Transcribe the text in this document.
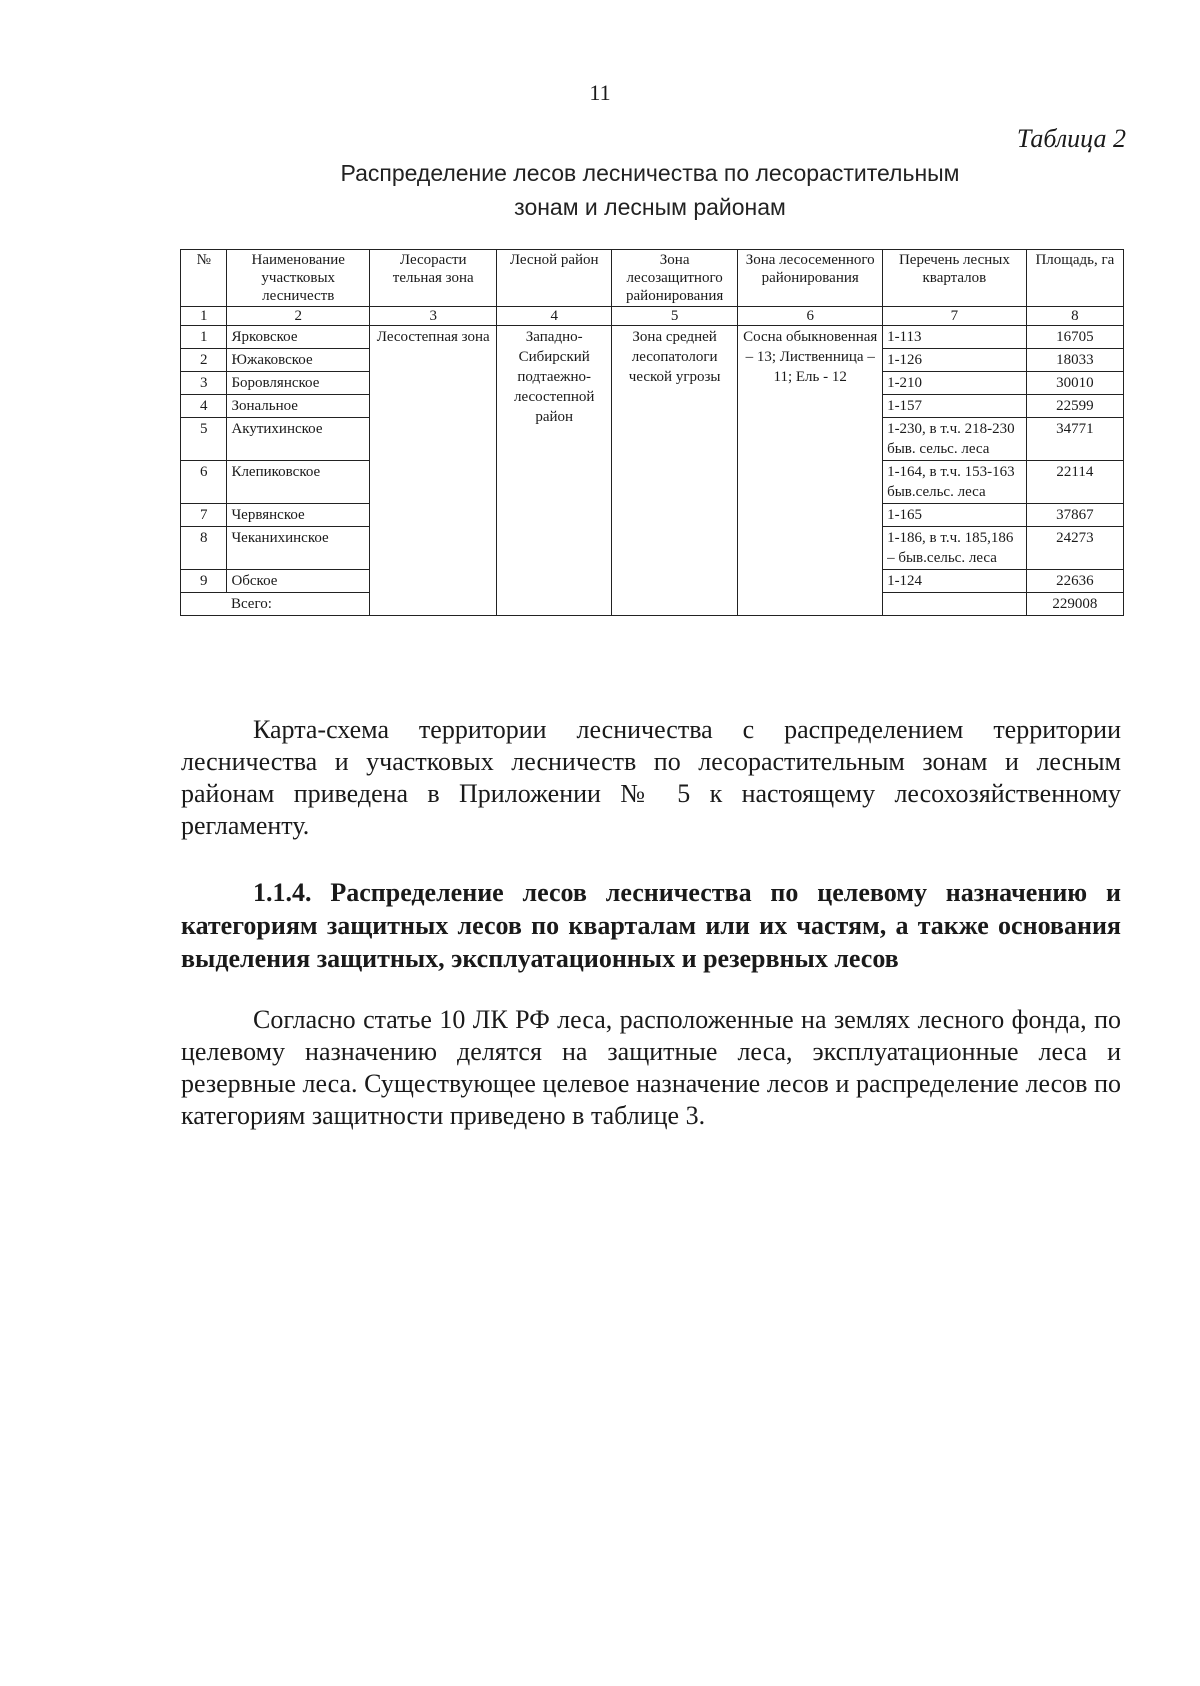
11
Таблица 2
Распределение лесов лесничества по лесорастительным
зонам и лесным районам
№	Наименование участковых лесничеств	Лесорасти тельная зона	Лесной район	Зона лесозащитного районирования	Зона лесосеменного районирования	Перечень лесных кварталов	Площадь, га
1	2	3	4	5	6	7	8
1	Ярковское	Лесостепная зона	Западно-Сибирский подтаежно-лесостепной район	Зона средней лесопатологи ческой угрозы	Сосна обыкновенная – 13; Лиственница – 11; Ель - 12	1-113	16705
2	Южаковское					1-126	18033
3	Боровлянское					1-210	30010
4	Зональное					1-157	22599
5	Акутихинское					1-230, в т.ч. 218-230 быв. сельс. леса	34771
6	Клепиковское					1-164, в т.ч. 153-163 быв.сельс. леса	22114
7	Червянское					1-165	37867
8	Чеканихинское					1-186, в т.ч. 185,186 – быв.сельс. леса	24273
9	Обское					1-124	22636
	Всего:						229008
Карта-схема территории лесничества с распределением территории лесничества и участковых лесничеств по лесорастительным зонам и лесным районам приведена в Приложении № 5 к настоящему лесохозяйственному регламенту.
1.1.4. Распределение лесов лесничества по целевому назначению и категориям защитных лесов по кварталам или их частям, а также основания выделения защитных, эксплуатационных и резервных лесов
Согласно статье 10 ЛК РФ леса, расположенные на землях лесного фонда, по целевому назначению делятся на защитные леса, эксплуатационные леса и резервные леса. Существующее целевое назначение лесов и распределение лесов по категориям защитности приведено в таблице 3.
